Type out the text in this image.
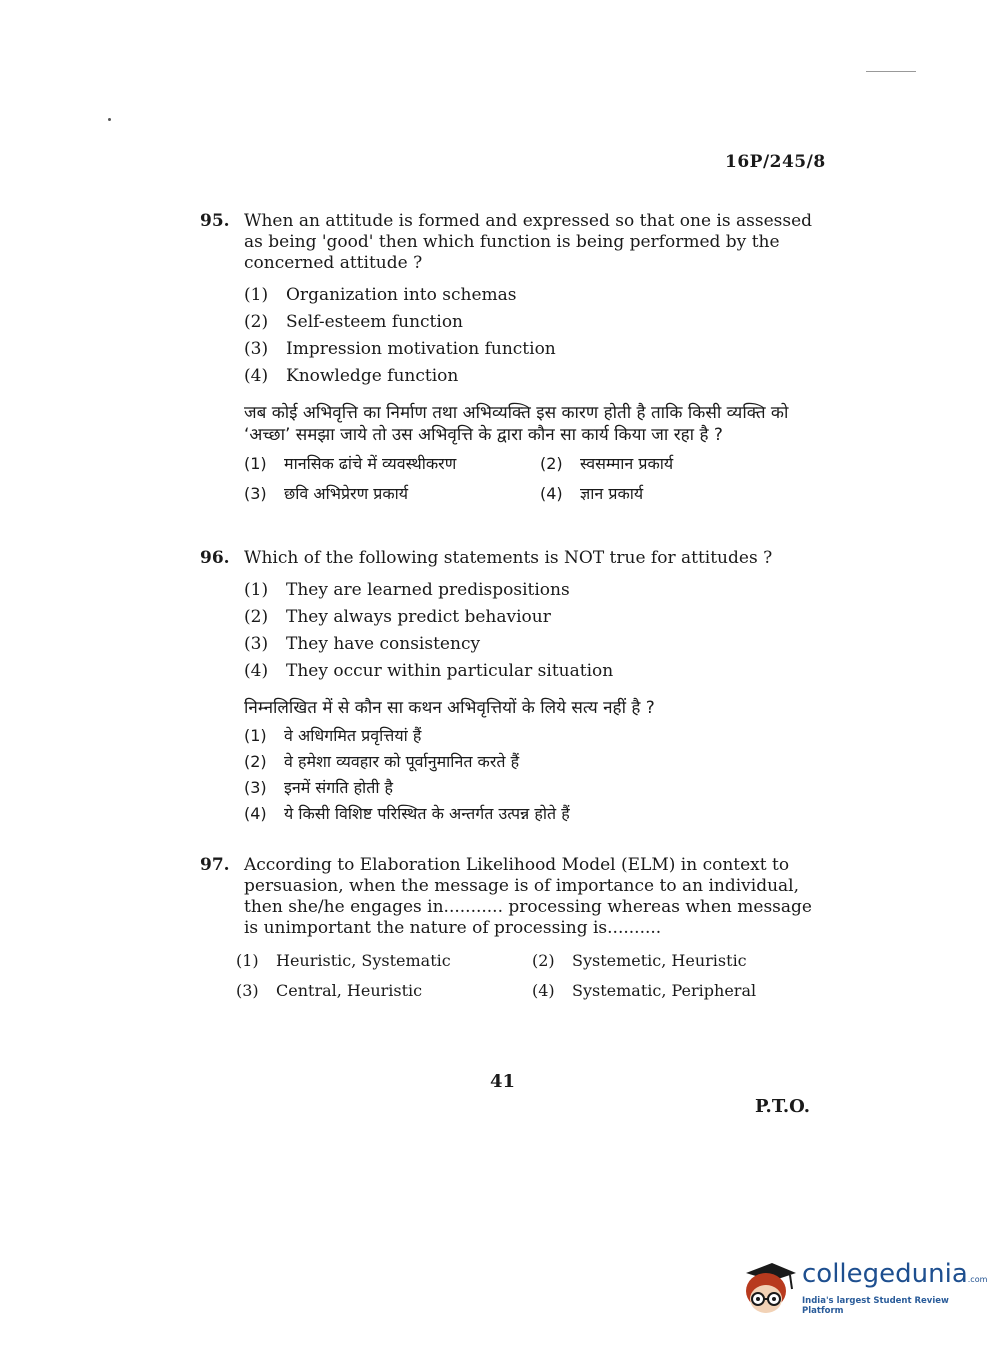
16P/245/8
95. When an attitude is formed and expressed so that one is assessed as being 'good' then which function is being performed by the concerned attitude ?
(1)	Organization into schemas
(2)	Self-esteem function
(3)	Impression motivation function
(4)	Knowledge function
जब कोई अभिवृत्ति का निर्माण तथा अभिव्यक्ति इस कारण होती है ताकि किसी व्यक्ति को ‘अच्छा’ समझा जाये तो उस अभिवृत्ति के द्वारा कौन सा कार्य किया जा रहा है ?
(1)	मानसिक ढांचे में व्यवस्थीकरण	(2)	स्वसम्मान प्रकार्य
(3)	छवि अभिप्रेरण प्रकार्य	(4)	ज्ञान प्रकार्य
96. Which of the following statements is NOT true for attitudes ?
(1)	They are learned predispositions
(2)	They always predict behaviour
(3)	They have consistency
(4)	They occur within particular situation
निम्नलिखित में से कौन सा कथन अभिवृत्तियों के लिये सत्य नहीं है ?
(1)	वे अधिगमित प्रवृत्तियां हैं
(2)	वे हमेशा व्यवहार को पूर्वानुमानित करते हैं
(3)	इनमें संगति होती है
(4)	ये किसी विशिष्ट परिस्थित के अन्तर्गत उत्पन्न होते हैं
97. According to Elaboration Likelihood Model (ELM) in context to persuasion, when the message is of importance to an individual, then she/he engages in........... processing whereas when message is unimportant the nature of processing is..........
(1)	Heuristic, Systematic	(2)	Systemetic, Heuristic
(3)	Central, Heuristic	(4)	Systematic, Peripheral
41
P.T.O.
collegedunia.com
India's largest Student Review Platform
